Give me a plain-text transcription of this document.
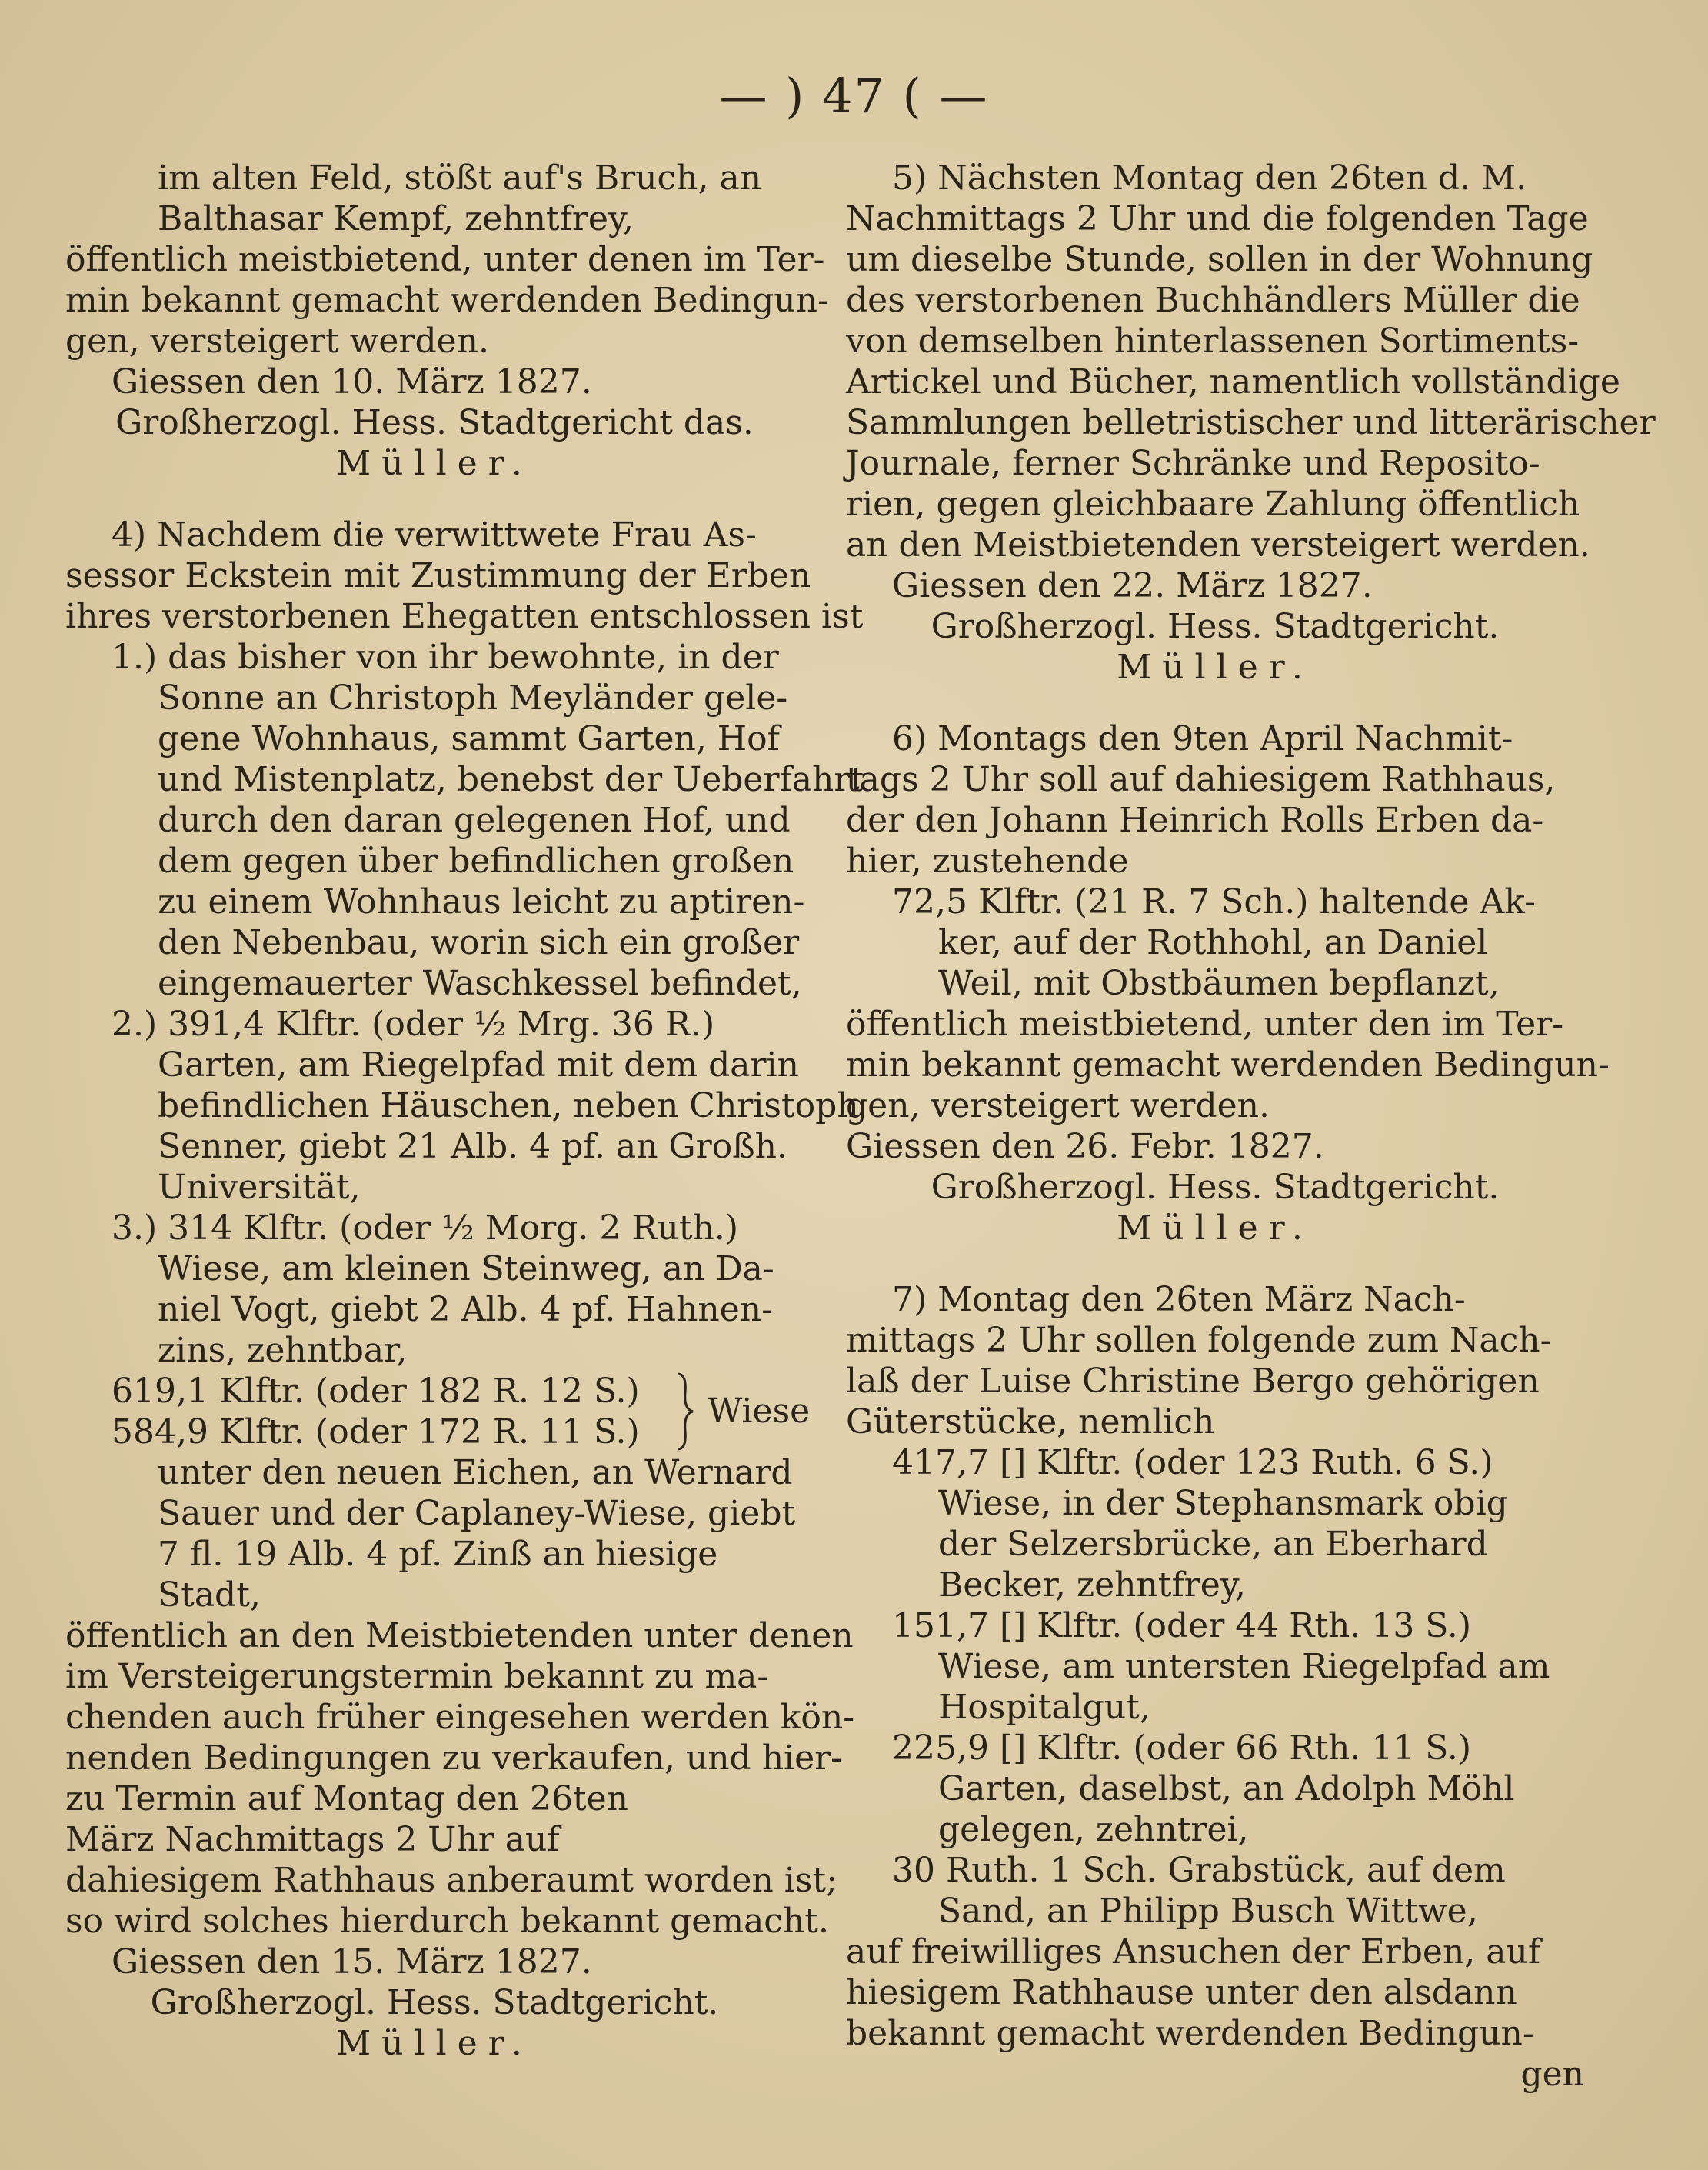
— ) 47 ( —
im alten Feld, stößt auf's Bruch, an
Balthasar Kempf, zehntfrey,
öffentlich meistbietend, unter denen im Ter-
min bekannt gemacht werdenden Bedingun-
gen, versteigert werden.
Giessen den 10. März 1827.
Großherzogl. Hess. Stadtgericht das.
Müller.
4) Nachdem die verwittwete Frau As-
sessor Eckstein mit Zustimmung der Erben
ihres verstorbenen Ehegatten entschlossen ist
1.) das bisher von ihr bewohnte, in der
Sonne an Christoph Meyländer gele-
gene Wohnhaus, sammt Garten, Hof
und Mistenplatz, benebst der Ueberfahrt
durch den daran gelegenen Hof, und
dem gegen über befindlichen großen
zu einem Wohnhaus leicht zu aptiren-
den Nebenbau, worin sich ein großer
eingemauerter Waschkessel befindet,
2.) 391,4 Klftr. (oder ½ Mrg. 36 R.)
Garten, am Riegelpfad mit dem darin
befindlichen Häuschen, neben Christoph
Senner, giebt 21 Alb. 4 pf. an Großh.
Universität,
3.) 314 Klftr. (oder ½ Morg. 2 Ruth.)
Wiese, am kleinen Steinweg, an Da-
niel Vogt, giebt 2 Alb. 4 pf. Hahnen-
zins, zehntbar,
619,1 Klftr. (oder 182 R. 12 S.)
584,9 Klftr. (oder 172 R. 11 S.)
Wiese
unter den neuen Eichen, an Wernard
Sauer und der Caplaney-Wiese, giebt
7 fl. 19 Alb. 4 pf. Zinß an hiesige
Stadt,
öffentlich an den Meistbietenden unter denen
im Versteigerungstermin bekannt zu ma-
chenden auch früher eingesehen werden kön-
nenden Bedingungen zu verkaufen, und hier-
zu Termin auf Montag den 26ten
März Nachmittags 2 Uhr auf
dahiesigem Rathhaus anberaumt worden ist;
so wird solches hierdurch bekannt gemacht.
Giessen den 15. März 1827.
Großherzogl. Hess. Stadtgericht.
Müller.
5) Nächsten Montag den 26ten d. M.
Nachmittags 2 Uhr und die folgenden Tage
um dieselbe Stunde, sollen in der Wohnung
des verstorbenen Buchhändlers Müller die
von demselben hinterlassenen Sortiments-
Artickel und Bücher, namentlich vollständige
Sammlungen belletristischer und litterärischer
Journale, ferner Schränke und Reposito-
rien, gegen gleichbaare Zahlung öffentlich
an den Meistbietenden versteigert werden.
Giessen den 22. März 1827.
Großherzogl. Hess. Stadtgericht.
Müller.
6) Montags den 9ten April Nachmit-
tags 2 Uhr soll auf dahiesigem Rathhaus,
der den Johann Heinrich Rolls Erben da-
hier, zustehende
72,5 Klftr. (21 R. 7 Sch.) haltende Ak-
ker, auf der Rothhohl, an Daniel
Weil, mit Obstbäumen bepflanzt,
öffentlich meistbietend, unter den im Ter-
min bekannt gemacht werdenden Bedingun-
gen, versteigert werden.
Giessen den 26. Febr. 1827.
Großherzogl. Hess. Stadtgericht.
Müller.
7) Montag den 26ten März Nach-
mittags 2 Uhr sollen folgende zum Nach-
laß der Luise Christine Bergo gehörigen
Güterstücke, nemlich
417,7 [] Klftr. (oder 123 Ruth. 6 S.)
Wiese, in der Stephansmark obig
der Selzersbrücke, an Eberhard
Becker, zehntfrey,
151,7 [] Klftr. (oder 44 Rth. 13 S.)
Wiese, am untersten Riegelpfad am
Hospitalgut,
225,9 [] Klftr. (oder 66 Rth. 11 S.)
Garten, daselbst, an Adolph Möhl
gelegen, zehntrei,
30 Ruth. 1 Sch. Grabstück, auf dem
Sand, an Philipp Busch Wittwe,
auf freiwilliges Ansuchen der Erben, auf
hiesigem Rathhause unter den alsdann
bekannt gemacht werdenden Bedingun-
gen
